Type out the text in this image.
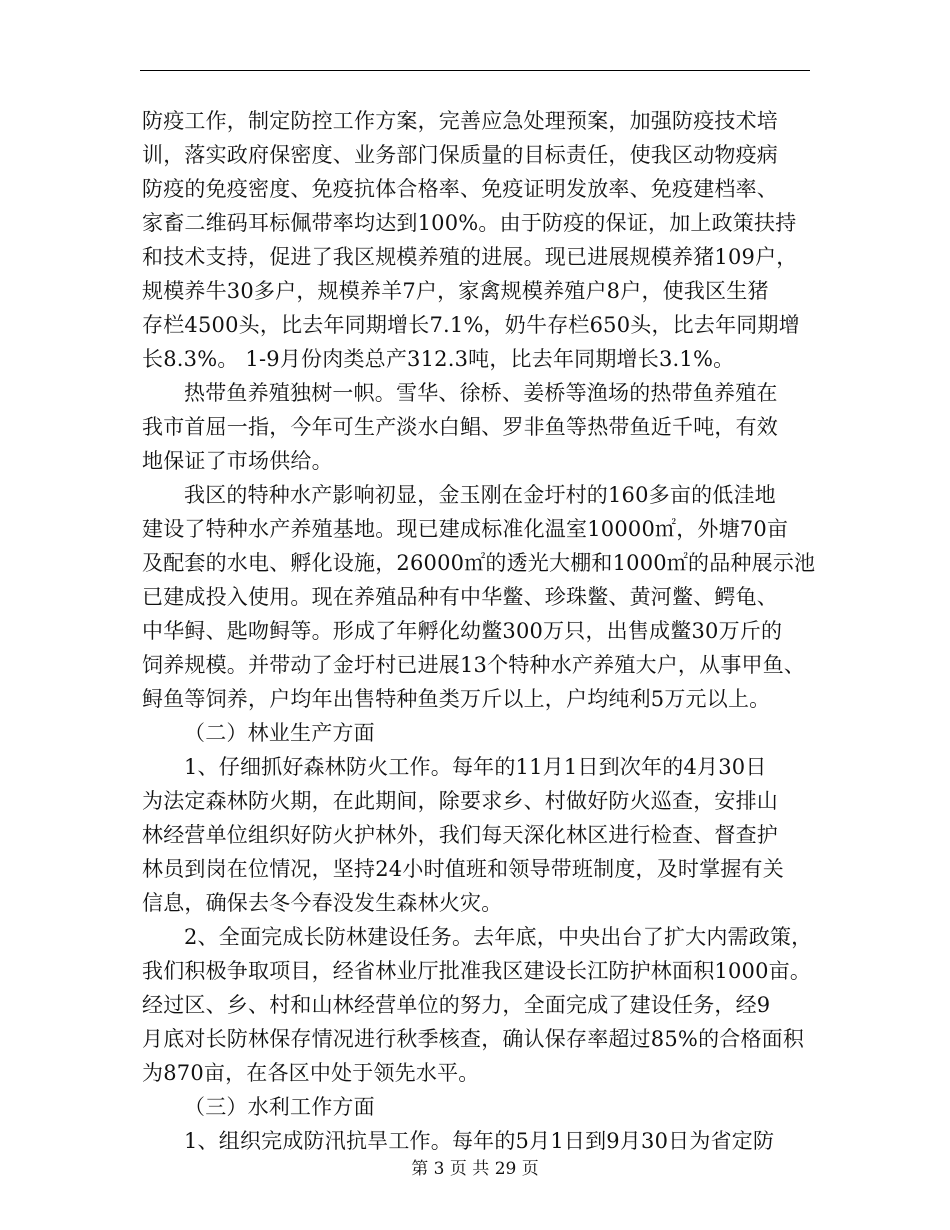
防疫工作，制定防控工作方案，完善应急处理预案，加强防疫技术培
训，落实政府保密度、业务部门保质量的目标责任，使我区动物疫病
防疫的免疫密度、免疫抗体合格率、免疫证明发放率、免疫建档率、
家畜二维码耳标佩带率均达到100%。由于防疫的保证，加上政策扶持
和技术支持，促进了我区规模养殖的进展。现已进展规模养猪109户，
规模养牛30多户，规模养羊7户，家禽规模养殖户8户，使我区生猪
存栏4500头，比去年同期增长7.1%，奶牛存栏650头，比去年同期增
长8.3%。 1-9月份肉类总产312.3吨，比去年同期增长3.1%。
热带鱼养殖独树一帜。雪华、徐桥、姜桥等渔场的热带鱼养殖在
我市首屈一指，今年可生产淡水白鲳、罗非鱼等热带鱼近千吨，有效
地保证了市场供给。
我区的特种水产影响初显，金玉刚在金圩村的160多亩的低洼地
建设了特种水产养殖基地。现已建成标准化温室10000㎡，外塘70亩
及配套的水电、孵化设施，26000㎡的透光大棚和1000㎡的品种展示池
已建成投入使用。现在养殖品种有中华鳖、珍珠鳖、黄河鳖、鳄龟、
中华鲟、匙吻鲟等。形成了年孵化幼鳖300万只，出售成鳖30万斤的
饲养规模。并带动了金圩村已进展13个特种水产养殖大户，从事甲鱼、
鲟鱼等饲养，户均年出售特种鱼类万斤以上，户均纯利5万元以上。
（二）林业生产方面
1、仔细抓好森林防火工作。每年的11月1日到次年的4月30日
为法定森林防火期，在此期间，除要求乡、村做好防火巡查，安排山
林经营单位组织好防火护林外，我们每天深化林区进行检查、督查护
林员到岗在位情况，坚持24小时值班和领导带班制度，及时掌握有关
信息，确保去冬今春没发生森林火灾。
2、全面完成长防林建设任务。去年底，中央出台了扩大内需政策，
我们积极争取项目，经省林业厅批准我区建设长江防护林面积1000亩。
经过区、乡、村和山林经营单位的努力，全面完成了建设任务，经9
月底对长防林保存情况进行秋季核查，确认保存率超过85%的合格面积
为870亩，在各区中处于领先水平。
（三）水利工作方面
1、组织完成防汛抗旱工作。每年的5月1日到9月30日为省定防
第 3 页 共 29 页
